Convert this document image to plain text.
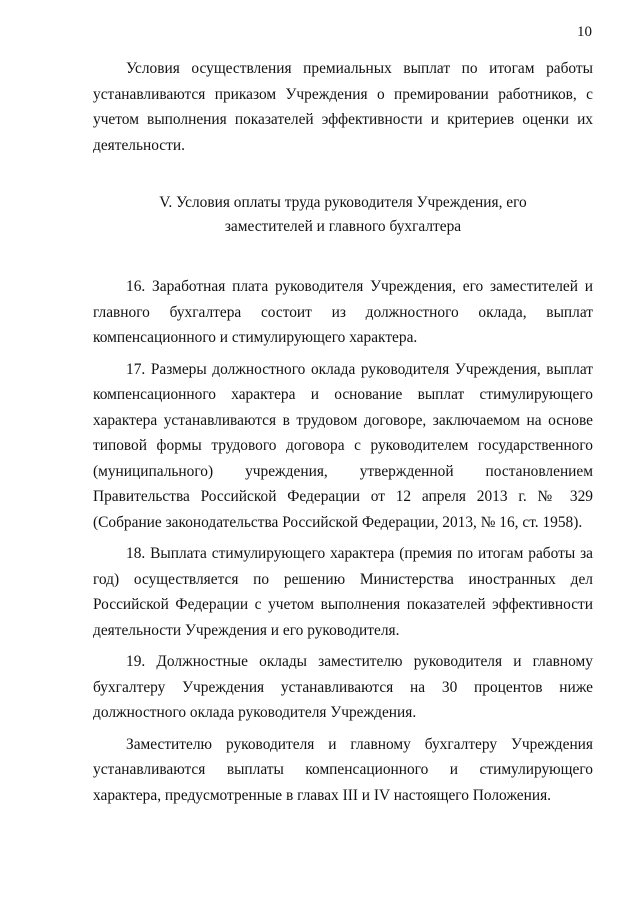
10

Условия осуществления премиальных выплат по итогам работы устанавливаются приказом Учреждения о премировании работников, с учетом выполнения показателей эффективности и критериев оценки их деятельности.

V. Условия оплаты труда руководителя Учреждения, его
заместителей и главного бухгалтера

16. Заработная плата руководителя Учреждения, его заместителей и главного бухгалтера состоит из должностного оклада, выплат компенсационного и стимулирующего характера.

17. Размеры должностного оклада руководителя Учреждения, выплат компенсационного характера и основание выплат стимулирующего характера устанавливаются в трудовом договоре, заключаемом на основе типовой формы трудового договора с руководителем государственного (муниципального) учреждения, утвержденной постановлением Правительства Российской Федерации от 12 апреля 2013 г. № 329 (Собрание законодательства Российской Федерации, 2013, № 16, ст. 1958).

18. Выплата стимулирующего характера (премия по итогам работы за год) осуществляется по решению Министерства иностранных дел Российской Федерации с учетом выполнения показателей эффективности деятельности Учреждения и его руководителя.

19. Должностные оклады заместителю руководителя и главному бухгалтеру Учреждения устанавливаются на 30 процентов ниже должностного оклада руководителя Учреждения.

Заместителю руководителя и главному бухгалтеру Учреждения устанавливаются выплаты компенсационного и стимулирующего характера, предусмотренные в главах III и IV настоящего Положения.
